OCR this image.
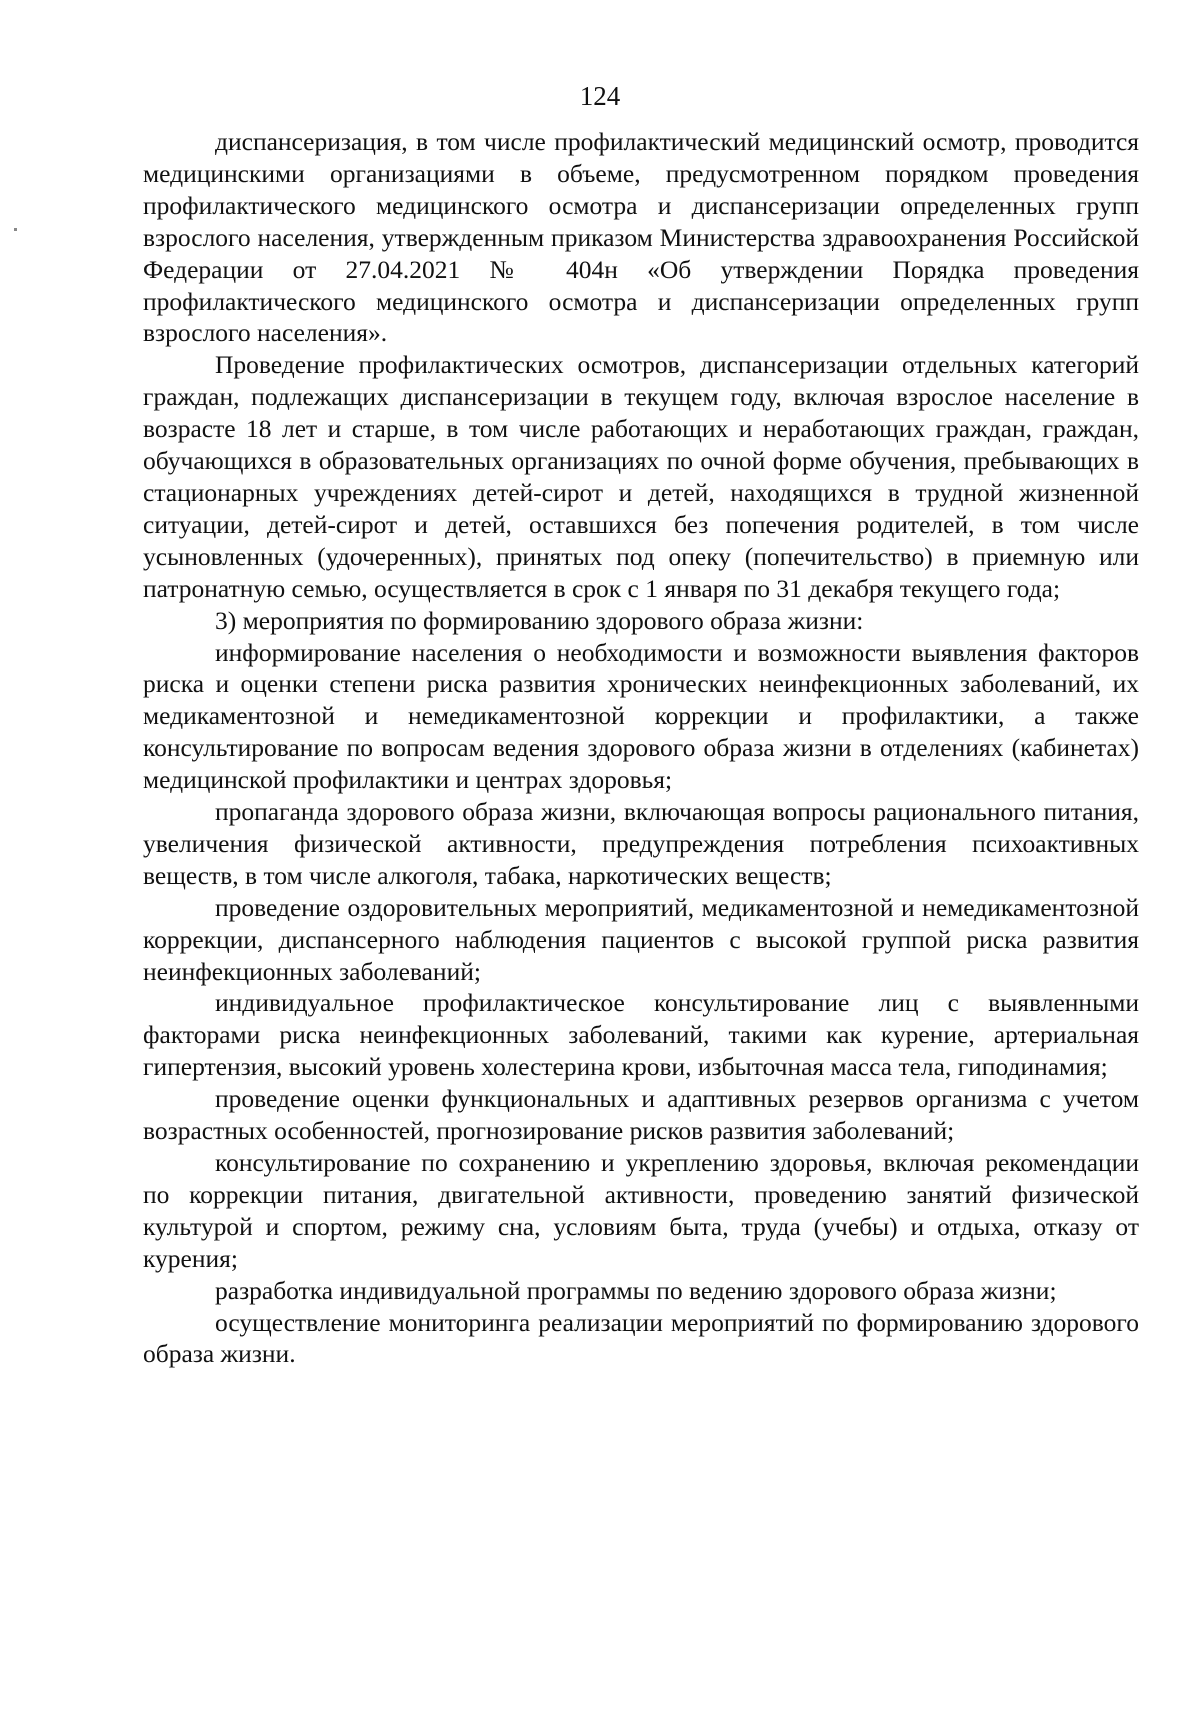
124

диспансеризация, в том числе профилактический медицинский осмотр, проводится медицинскими организациями в объеме, предусмотренном порядком проведения профилактического медицинского осмотра и диспансеризации определенных групп взрослого населения, утвержденным приказом Министерства здравоохранения Российской Федерации от 27.04.2021 № 404н «Об утверждении Порядка проведения профилактического медицинского осмотра и диспансеризации определенных групп взрослого населения».

Проведение профилактических осмотров, диспансеризации отдельных категорий граждан, подлежащих диспансеризации в текущем году, включая взрослое население в возрасте 18 лет и старше, в том числе работающих и неработающих граждан, граждан, обучающихся в образовательных организациях по очной форме обучения, пребывающих в стационарных учреждениях детей-сирот и детей, находящихся в трудной жизненной ситуации, детей-сирот и детей, оставшихся без попечения родителей, в том числе усыновленных (удочеренных), принятых под опеку (попечительство) в приемную или патронатную семью, осуществляется в срок с 1 января по 31 декабря текущего года;

3) мероприятия по формированию здорового образа жизни:

информирование населения о необходимости и возможности выявления факторов риска и оценки степени риска развития хронических неинфекционных заболеваний, их медикаментозной и немедикаментозной коррекции и профилактики, а также консультирование по вопросам ведения здорового образа жизни в отделениях (кабинетах) медицинской профилактики и центрах здоровья;

пропаганда здорового образа жизни, включающая вопросы рационального питания, увеличения физической активности, предупреждения потребления психоактивных веществ, в том числе алкоголя, табака, наркотических веществ;

проведение оздоровительных мероприятий, медикаментозной и немедикаментозной коррекции, диспансерного наблюдения пациентов с высокой группой риска развития неинфекционных заболеваний;

индивидуальное профилактическое консультирование лиц с выявленными факторами риска неинфекционных заболеваний, такими как курение, артериальная гипертензия, высокий уровень холестерина крови, избыточная масса тела, гиподинамия;

проведение оценки функциональных и адаптивных резервов организма с учетом возрастных особенностей, прогнозирование рисков развития заболеваний;

консультирование по сохранению и укреплению здоровья, включая рекомендации по коррекции питания, двигательной активности, проведению занятий физической культурой и спортом, режиму сна, условиям быта, труда (учебы) и отдыха, отказу от курения;

разработка индивидуальной программы по ведению здорового образа жизни;

осуществление мониторинга реализации мероприятий по формированию здорового образа жизни.
